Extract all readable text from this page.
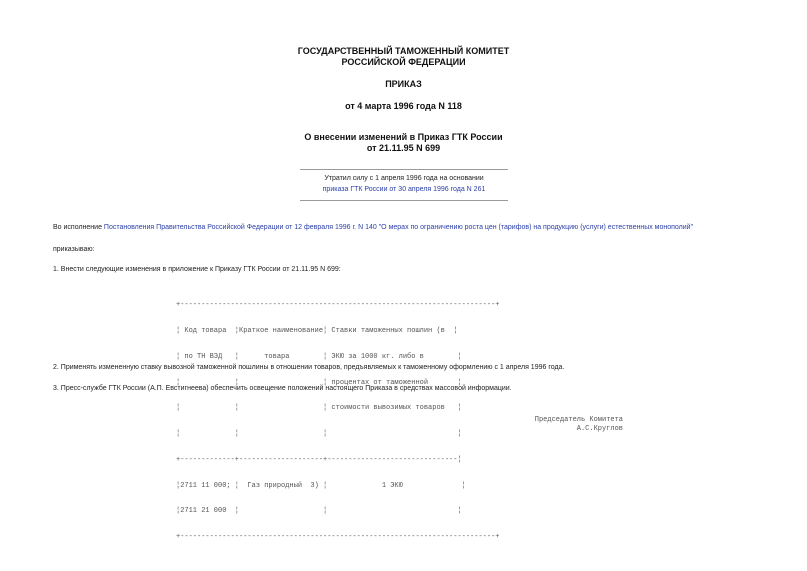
ГОСУДАРСТВЕННЫЙ ТАМОЖЕННЫЙ КОМИТЕТ
РОССИЙСКОЙ ФЕДЕРАЦИИ
ПРИКАЗ
от 4 марта 1996 года N 118
О внесении изменений в Приказ ГТК России
от 21.11.95 N 699
Утратил силу с 1 апреля 1996 года на основании
приказа ГТК России от 30 апреля 1996 года N 261
Во исполнение Постановления Правительства Российской Федерации от 12 февраля 1996 г. N 140 "О мерах по ограничению роста цен (тарифов) на продукцию (услуги) естественных монополий"
приказываю:
1. Внести следующие изменения в приложение к Приказу ГТК России от 21.11.95 N 699:

+---------------------------------------------------------------------------+

¦ Код товара  ¦Краткое наименование¦ Ставки таможенных пошлин (в  ¦

¦ по ТН ВЭД   ¦      товара        ¦ ЭКЮ за 1000 кг. либо в        ¦

¦             ¦                    ¦ процентах от таможенной       ¦

¦             ¦                    ¦ стоимости вывозимых товаров   ¦

¦             ¦                    ¦                               ¦

+-------------+--------------------+-------------------------------¦

¦2711 11 000; ¦  Газ природный  3) ¦             1 ЭКЮ              ¦

¦2711 21 000  ¦                    ¦                               ¦

+---------------------------------------------------------------------------+

2. Применять измененную ставку вывозной таможенной пошлины в отношении товаров, предъявляемых к таможенному оформлению с 1 апреля 1996 года.
3. Пресс-службе ГТК России (А.П. Евстигнеева) обеспечить освещение положений настоящего Приказа в средствах массовой информации.
Председатель Комитета
А.С.Круглов
